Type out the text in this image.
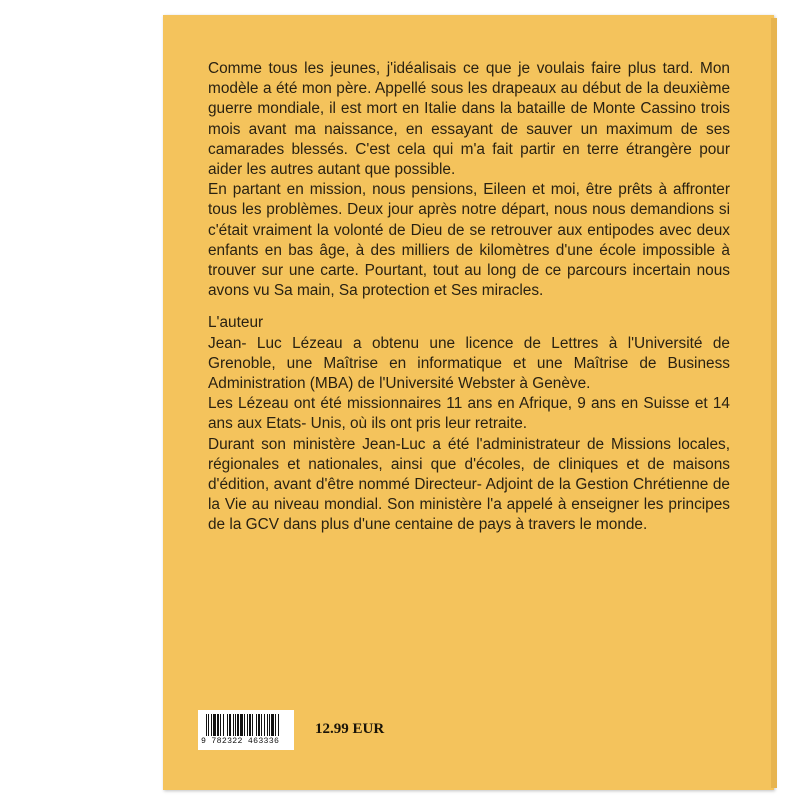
Comme tous les jeunes, j'idéalisais ce que je voulais faire plus tard. Mon modèle a été mon père. Appellé sous les drapeaux au début de la deuxième guerre mondiale, il est mort en Italie dans la bataille de Monte Cassino trois mois avant ma naissance, en essayant de sauver un maximum de ses camarades blessés. C'est cela qui m'a fait partir en terre étrangère pour aider les autres autant que possible.

En partant en mission, nous pensions, Eileen et moi, être prêts à affronter tous les problèmes. Deux jour après notre départ, nous nous demandions si c'était vraiment la volonté de Dieu de se retrouver aux entipodes avec deux enfants en bas âge, à des milliers de kilomètres d'une école impossible à trouver sur une carte. Pourtant, tout au long de ce parcours incertain nous avons vu Sa main, Sa protection et Ses miracles.

L'auteur

Jean- Luc Lézeau a obtenu une licence de Lettres à l'Université de Grenoble, une Maîtrise en informatique et une Maîtrise de Business Administration (MBA) de l'Université Webster à Genève.

Les Lézeau ont été missionnaires 11 ans en Afrique, 9 ans en Suisse et 14 ans aux Etats- Unis, où ils ont pris leur retraite.

Durant son ministère Jean-Luc a été l'administrateur de Missions locales, régionales et nationales, ainsi que d'écoles, de cliniques et de maisons d'édition, avant d'être nommé Directeur- Adjoint de la Gestion Chrétienne de la Vie au niveau mondial. Son ministère l'a appelé à enseigner les principes de la GCV dans plus d'une centaine de pays à travers le monde.

9 782322 463336
12.99 EUR
